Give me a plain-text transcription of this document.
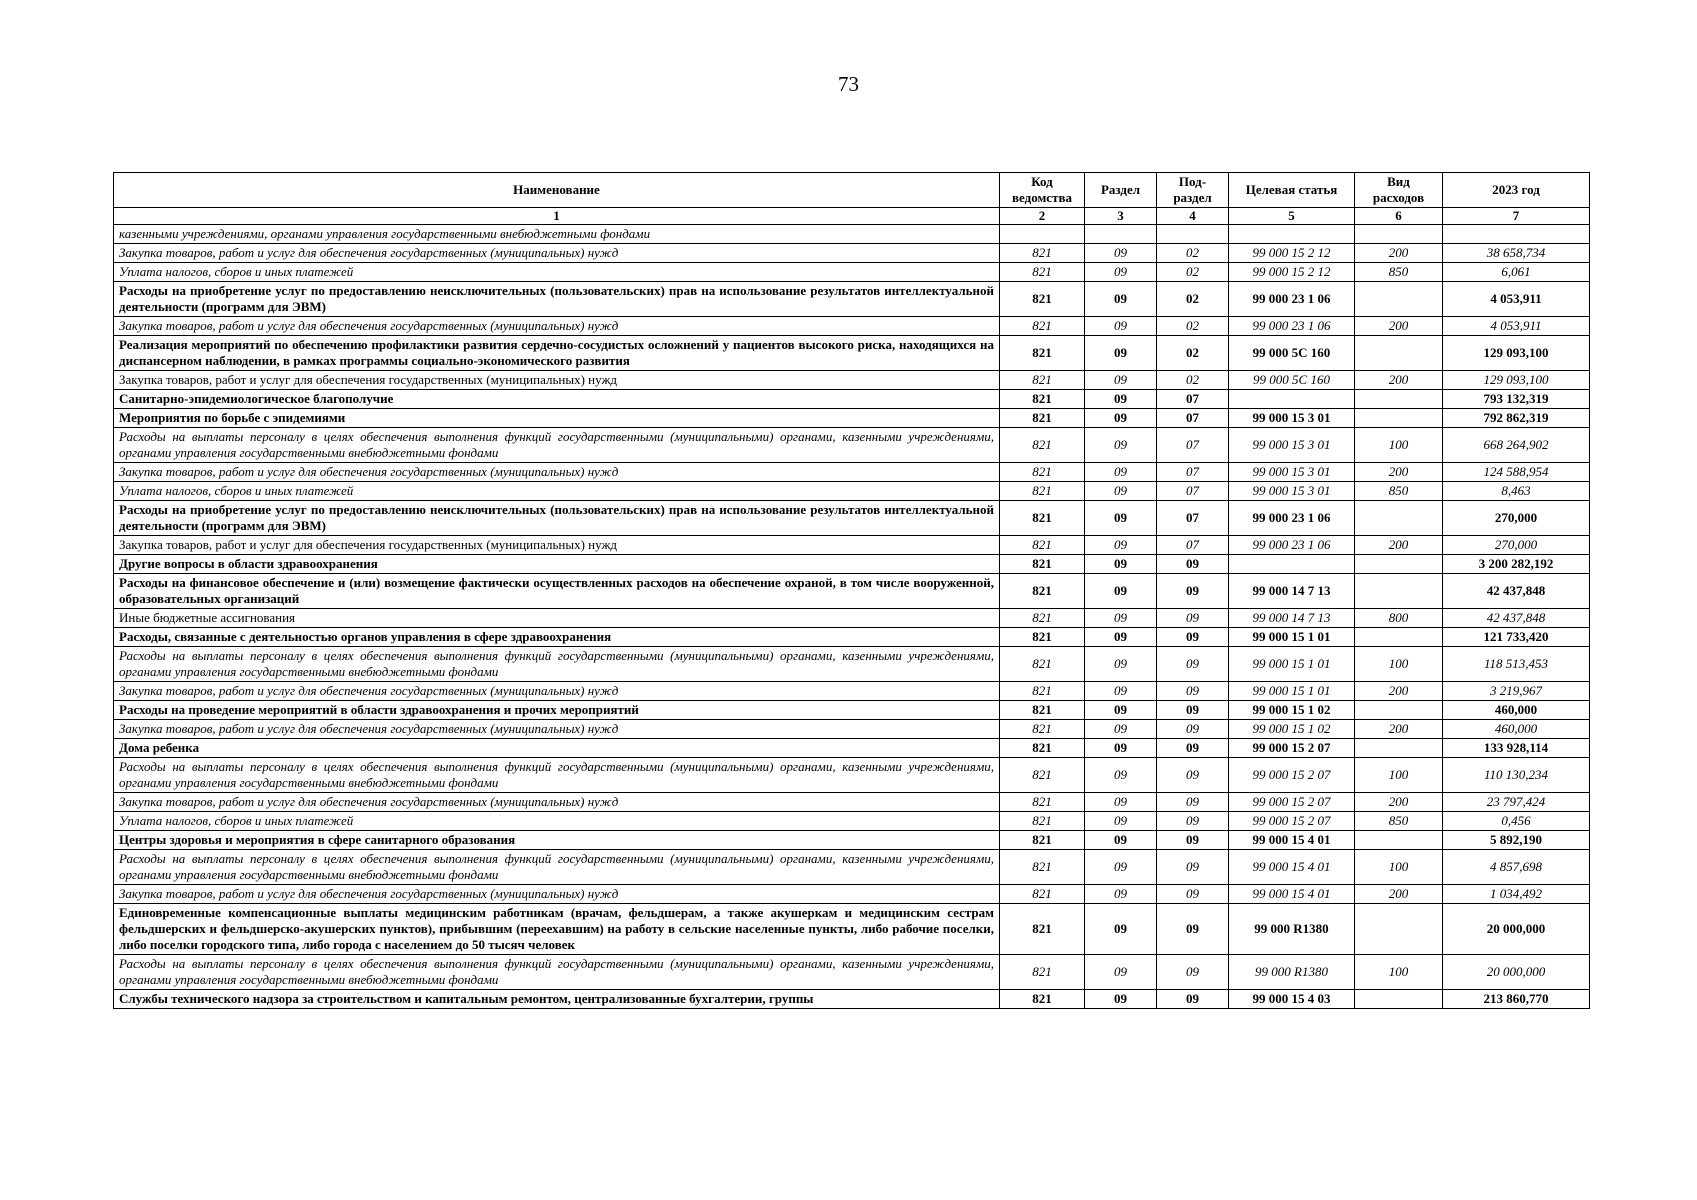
73
Наименование	Код ведомства	Раздел	Под-раздел	Целевая статья	Вид расходов	2023 год
1	2	3	4	5	6	7
казенными учреждениями, органами управления государственными внебюджетными фондами						
Закупка товаров, работ и услуг для обеспечения государственных (муниципальных) нужд	821	09	02	99 000 15 2 12	200	38 658,734
Уплата налогов, сборов и иных платежей	821	09	02	99 000 15 2 12	850	6,061
Расходы на приобретение услуг по предоставлению неисключительных (пользовательских) прав на использование результатов интеллектуальной деятельности (программ для ЭВМ)	821	09	02	99 000 23 1 06		4 053,911
Закупка товаров, работ и услуг для обеспечения государственных (муниципальных) нужд	821	09	02	99 000 23 1 06	200	4 053,911
Реализация мероприятий по обеспечению профилактики развития сердечно-сосудистых осложнений у пациентов высокого риска, находящихся на диспансерном наблюдении, в рамках программы социально-экономического развития	821	09	02	99 000 5С 160		129 093,100
Закупка товаров, работ и услуг для обеспечения государственных (муниципальных) нужд	821	09	02	99 000 5С 160	200	129 093,100
Санитарно-эпидемиологическое благополучие	821	09	07			793 132,319
Мероприятия по борьбе с эпидемиями	821	09	07	99 000 15 3 01		792 862,319
Расходы на выплаты персоналу в целях обеспечения выполнения функций государственными (муниципальными) органами, казенными учреждениями, органами управления государственными внебюджетными фондами	821	09	07	99 000 15 3 01	100	668 264,902
Закупка товаров, работ и услуг для обеспечения государственных (муниципальных) нужд	821	09	07	99 000 15 3 01	200	124 588,954
Уплата налогов, сборов и иных платежей	821	09	07	99 000 15 3 01	850	8,463
Расходы на приобретение услуг по предоставлению неисключительных (пользовательских) прав на использование результатов интеллектуальной деятельности (программ для ЭВМ)	821	09	07	99 000 23 1 06		270,000
Закупка товаров, работ и услуг для обеспечения государственных (муниципальных) нужд	821	09	07	99 000 23 1 06	200	270,000
Другие вопросы в области здравоохранения	821	09	09			3 200 282,192
Расходы на финансовое обеспечение и (или) возмещение фактически осуществленных расходов на обеспечение охраной, в том числе вооруженной, образовательных организаций	821	09	09	99 000 14 7 13		42 437,848
Иные бюджетные ассигнования	821	09	09	99 000 14 7 13	800	42 437,848
Расходы, связанные с деятельностью органов управления в сфере здравоохранения	821	09	09	99 000 15 1 01		121 733,420
Расходы на выплаты персоналу в целях обеспечения выполнения функций государственными (муниципальными) органами, казенными учреждениями, органами управления государственными внебюджетными фондами	821	09	09	99 000 15 1 01	100	118 513,453
Закупка товаров, работ и услуг для обеспечения государственных (муниципальных) нужд	821	09	09	99 000 15 1 01	200	3 219,967
Расходы на проведение мероприятий в области здравоохранения и прочих мероприятий	821	09	09	99 000 15 1 02		460,000
Закупка товаров, работ и услуг для обеспечения государственных (муниципальных) нужд	821	09	09	99 000 15 1 02	200	460,000
Дома ребенка	821	09	09	99 000 15 2 07		133 928,114
Расходы на выплаты персоналу в целях обеспечения выполнения функций государственными (муниципальными) органами, казенными учреждениями, органами управления государственными внебюджетными фондами	821	09	09	99 000 15 2 07	100	110 130,234
Закупка товаров, работ и услуг для обеспечения государственных (муниципальных) нужд	821	09	09	99 000 15 2 07	200	23 797,424
Уплата налогов, сборов и иных платежей	821	09	09	99 000 15 2 07	850	0,456
Центры здоровья и мероприятия в сфере санитарного образования	821	09	09	99 000 15 4 01		5 892,190
Расходы на выплаты персоналу в целях обеспечения выполнения функций государственными (муниципальными) органами, казенными учреждениями, органами управления государственными внебюджетными фондами	821	09	09	99 000 15 4 01	100	4 857,698
Закупка товаров, работ и услуг для обеспечения государственных (муниципальных) нужд	821	09	09	99 000 15 4 01	200	1 034,492
Единовременные компенсационные выплаты медицинским работникам (врачам, фельдшерам, а также акушеркам и медицинским сестрам фельдшерских и фельдшерско-акушерских пунктов), прибывшим (переехавшим) на работу в сельские населенные пункты, либо рабочие поселки, либо поселки городского типа, либо города с населением до 50 тысяч человек	821	09	09	99 000 R1380		20 000,000
Расходы на выплаты персоналу в целях обеспечения выполнения функций государственными (муниципальными) органами, казенными учреждениями, органами управления государственными внебюджетными фондами	821	09	09	99 000 R1380	100	20 000,000
Службы технического надзора за строительством и капитальным ремонтом, централизованные бухгалтерии, группы	821	09	09	99 000 15 4 03		213 860,770
